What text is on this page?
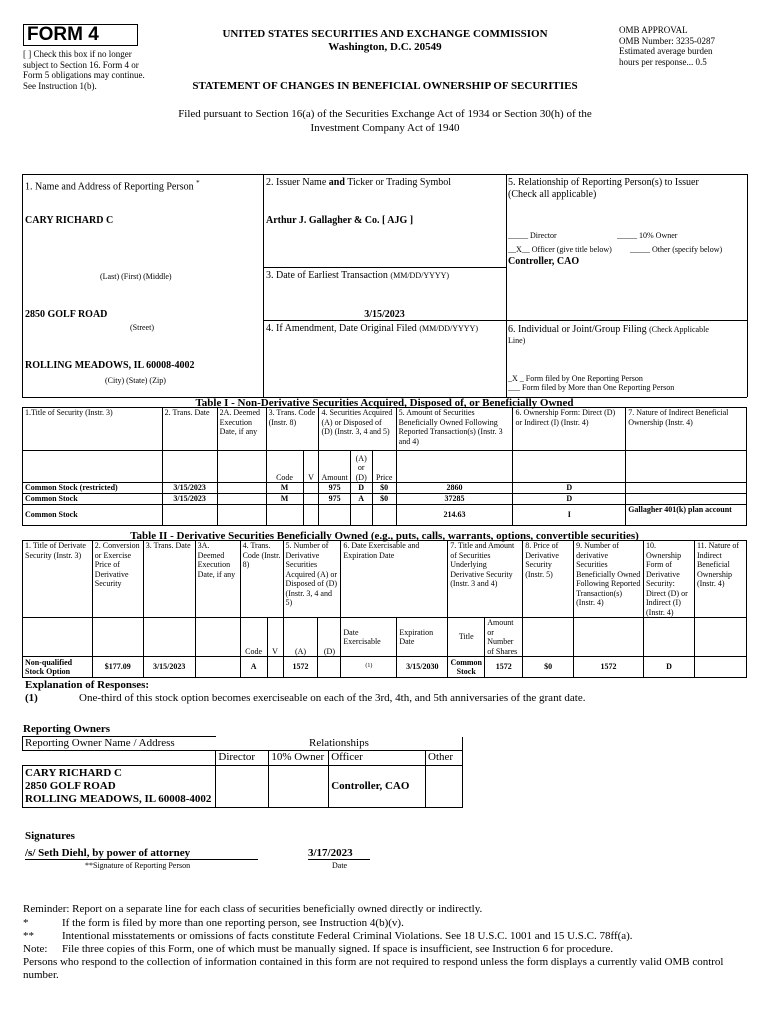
FORM 4
[ ] Check this box if no longer subject to Section 16. Form 4 or Form 5 obligations may continue. See Instruction 1(b).
UNITED STATES SECURITIES AND EXCHANGE COMMISSION
Washington, D.C. 20549
STATEMENT OF CHANGES IN BENEFICIAL OWNERSHIP OF SECURITIES
OMB APPROVAL
OMB Number: 3235-0287
Estimated average burden
hours per response... 0.5
Filed pursuant to Section 16(a) of the Securities Exchange Act of 1934 or Section 30(h) of the
Investment Company Act of 1940
1. Name and Address of Reporting Person *
CARY RICHARD C
(Last) (First) (Middle)
2850 GOLF ROAD
(Street)
ROLLING MEADOWS, IL 60008-4002
(City) (State) (Zip)
2. Issuer Name and Ticker or Trading Symbol
Arthur J. Gallagher & Co. [ AJG ]
3. Date of Earliest Transaction (MM/DD/YYYY)
3/15/2023
4. If Amendment, Date Original Filed (MM/DD/YYYY)
5. Relationship of Reporting Person(s) to Issuer
(Check all applicable)
_____ Director	_____ 10% Owner
__X__ Officer (give title below) _____ Other (specify below)
Controller, CAO
6. Individual or Joint/Group Filing (Check Applicable
Line)
_X _ Form filed by One Reporting Person
___ Form filed by More than One Reporting Person
Table I - Non-Derivative Securities Acquired, Disposed of, or Beneficially Owned
1.Title of Security (Instr. 3)	2. Trans. Date	2A. Deemed Execution Date, if any	3. Trans. Code (Instr. 8)		4. Securities Acquired (A) or Disposed of (D) (Instr. 3, 4 and 5)			5. Amount of Securities Beneficially Owned Following Reported Transaction(s) (Instr. 3 and 4)	6. Ownership Form: Direct (D) or Indirect (I) (Instr. 4)	7. Nature of Indirect Beneficial Ownership (Instr. 4)
			Code	V	Amount	(A) or (D)	Price			
Common Stock (restricted)	3/15/2023		M		975	D	$0	2860	D	
Common Stock	3/15/2023		M		975	A	$0	37285	D	
Common Stock								214.63	I	Gallagher 401(k) plan account
Table II - Derivative Securities Beneficially Owned (e.g., puts, calls, warrants, options, convertible securities)
1. Title of Derivate Security (Instr. 3)	2. Conversion or Exercise Price of Derivative Security	3. Trans. Date	3A. Deemed Execution Date, if any	4. Trans. Code (Instr. 8)		5. Number of Derivative Securities Acquired (A) or Disposed of (D) (Instr. 3, 4 and 5)		6. Date Exercisable and Expiration Date		7. Title and Amount of Securities Underlying Derivative Security (Instr. 3 and 4)		8. Price of Derivative Security (Instr. 5)	9. Number of derivative Securities Beneficially Owned Following Reported Transaction(s) (Instr. 4)	10. Ownership Form of Derivative Security: Direct (D) or Indirect (I) (Instr. 4)	11. Nature of Indirect Beneficial Ownership (Instr. 4)
				Code	V	(A)	(D)	Date Exercisable	Expiration Date	Title	Amount or Number of Shares				
Non-qualified Stock Option	$177.09	3/15/2023		A		1572		(1)	3/15/2030	Common Stock	1572	$0	1572	D	
Explanation of Responses:
(1)	One-third of this stock option becomes exerciseable on each of the 3rd, 4th, and 5th anniversaries of the grant date.
Reporting Owners
Reporting Owner Name / Address	Relationships			
	Director	10% Owner	Officer	Other

CARY RICHARD C
2850 GOLF ROAD
ROLLING MEADOWS, IL 60008-4002			Controller, CAO	
Signatures
/s/ Seth Diehl, by power of attorney
**Signature of Reporting Person
3/17/2023
Date
Reminder: Report on a separate line for each class of securities beneficially owned directly or indirectly.
*	If the form is filed by more than one reporting person, see Instruction 4(b)(v).
**	Intentional misstatements or omissions of facts constitute Federal Criminal Violations. See 18 U.S.C. 1001 and 15 U.S.C. 78ff(a).
Note: File three copies of this Form, one of which must be manually signed. If space is insufficient, see Instruction 6 for procedure.
Persons who respond to the collection of information contained in this form are not required to respond unless the form displays a currently valid OMB control number.
